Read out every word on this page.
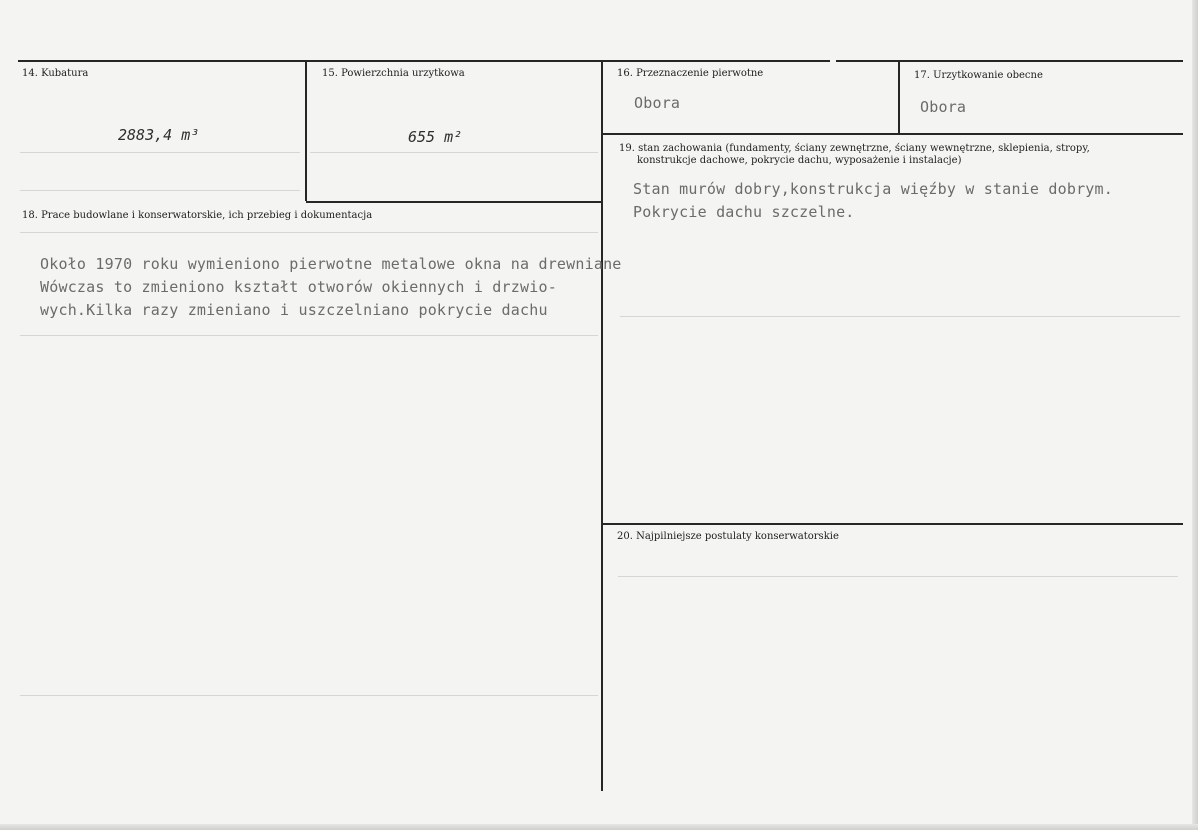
14. Kubatura
2883,4 m³
15. Powierzchnia urzytkowa
655 m²
16. Przeznaczenie pierwotne
Obora
17. Urzytkowanie obecne
Obora
19. stan zachowania (fundamenty, ściany zewnętrzne, ściany wewnętrzne, sklepienia, stropy,
konstrukcje dachowe, pokrycie dachu, wyposażenie i instalacje)
Stan murów dobry,konstrukcja więźby w stanie dobrym.
Pokrycie dachu szczelne.
18. Prace budowlane i konserwatorskie, ich przebieg i dokumentacja
Około 1970 roku wymieniono pierwotne metalowe okna na drewniane
Wówczas to zmieniono kształt otworów okiennych i drzwio-
wych.Kilka razy zmieniano i uszczelniano pokrycie dachu
20. Najpilniejsze postulaty konserwatorskie
